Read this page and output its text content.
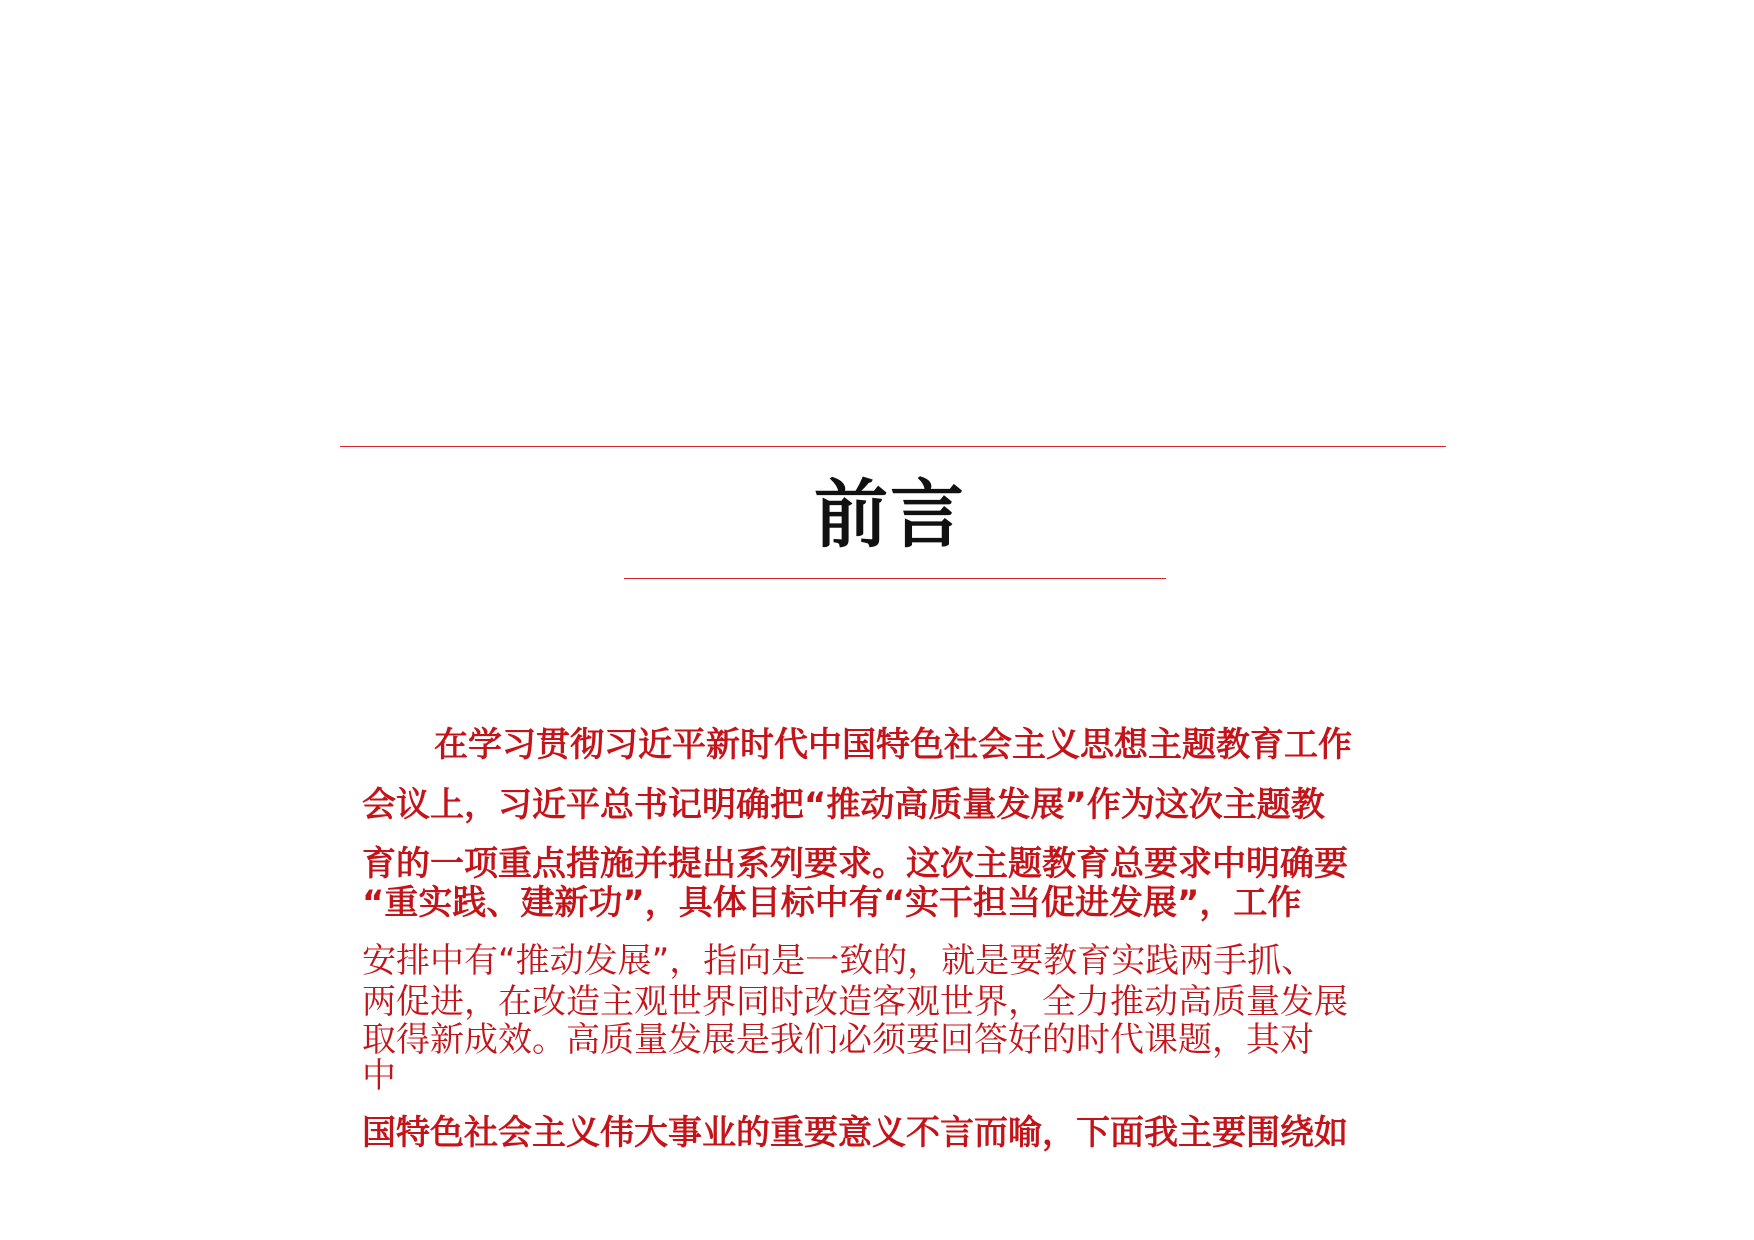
前言
在学习贯彻习近平新时代中国特色社会主义思想主题教育工作
会议上，习近平总书记明确把“推动高质量发展”作为这次主题教
育的一项重点措施并提出系列要求。这次主题教育总要求中明确要
“重实践、建新功”，具体目标中有“实干担当促进发展”，工作
安排中有“推动发展”，指向是一致的，就是要教育实践两手抓、
两促进，在改造主观世界同时改造客观世界，全力推动高质量发展
取得新成效。高质量发展是我们必须要回答好的时代课题，其对
中
国特色社会主义伟大事业的重要意义不言而喻，下面我主要围绕如
